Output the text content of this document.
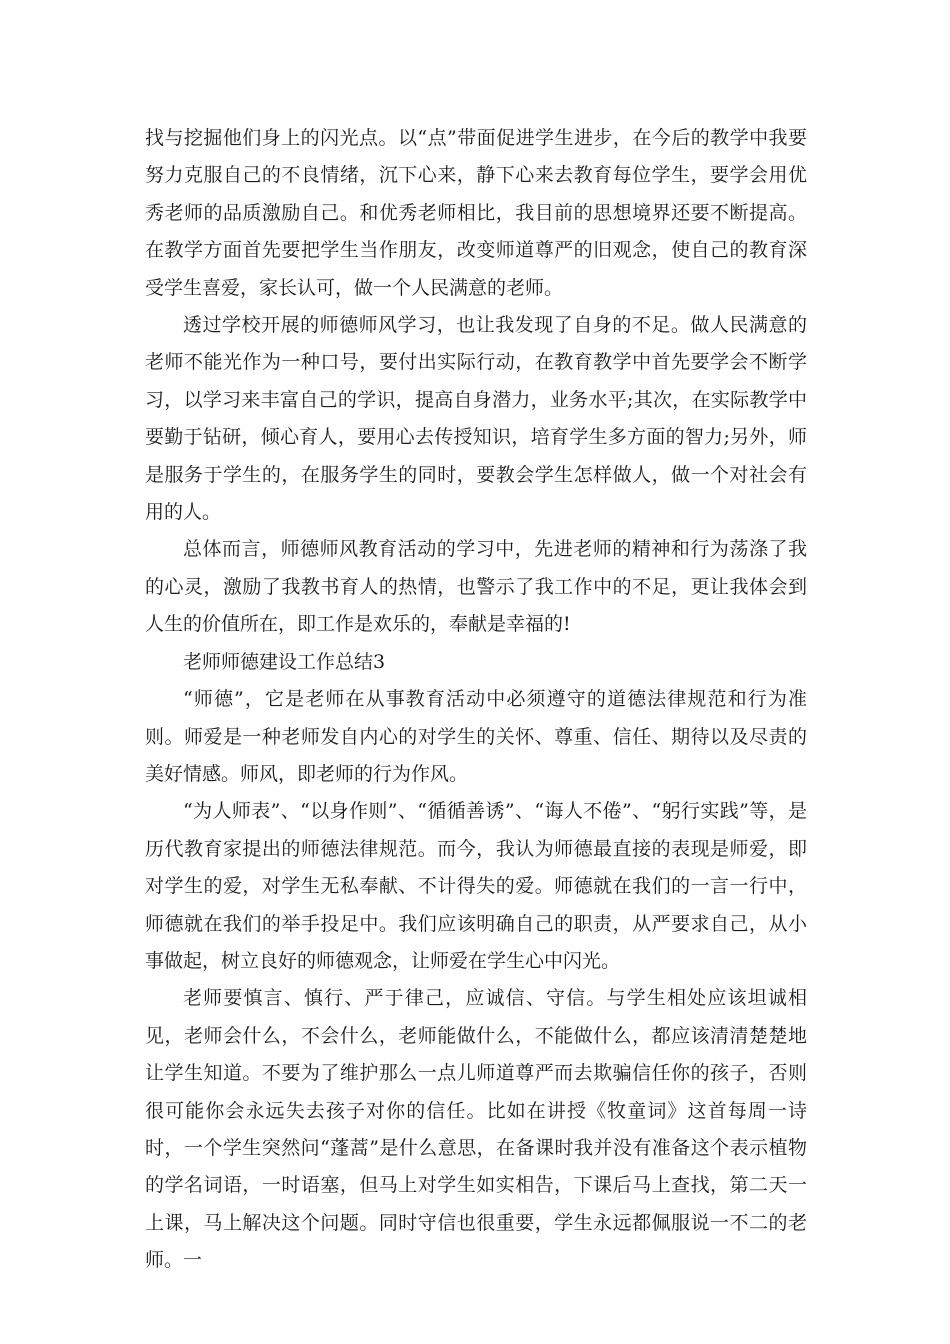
找与挖掘他们身上的闪光点。以“点”带面促进学生进步，在今后的教学中我要努力克服自己的不良情绪，沉下心来，静下心来去教育每位学生，要学会用优秀老师的品质激励自己。和优秀老师相比，我目前的思想境界还要不断提高。在教学方面首先要把学生当作朋友，改变师道尊严的旧观念，使自己的教育深受学生喜爱，家长认可，做一个人民满意的老师。

透过学校开展的师德师风学习，也让我发现了自身的不足。做人民满意的老师不能光作为一种口号，要付出实际行动，在教育教学中首先要学会不断学习，以学习来丰富自己的学识，提高自身潜力，业务水平;其次，在实际教学中要勤于钻研，倾心育人，要用心去传授知识，培育学生多方面的智力;另外，师是服务于学生的，在服务学生的同时，要教会学生怎样做人，做一个对社会有用的人。

总体而言，师德师风教育活动的学习中，先进老师的精神和行为荡涤了我的心灵，激励了我教书育人的热情，也警示了我工作中的不足，更让我体会到人生的价值所在，即工作是欢乐的，奉献是幸福的!

老师师德建设工作总结3

“师德”，它是老师在从事教育活动中必须遵守的道德法律规范和行为准则。师爱是一种老师发自内心的对学生的关怀、尊重、信任、期待以及尽责的美好情感。师风，即老师的行为作风。

“为人师表”、“以身作则”、“循循善诱”、“诲人不倦”、“躬行实践”等，是历代教育家提出的师德法律规范。而今，我认为师德最直接的表现是师爱，即对学生的爱，对学生无私奉献、不计得失的爱。师德就在我们的一言一行中，师德就在我们的举手投足中。我们应该明确自己的职责，从严要求自己，从小事做起，树立良好的师德观念，让师爱在学生心中闪光。

老师要慎言、慎行、严于律己，应诚信、守信。与学生相处应该坦诚相见，老师会什么，不会什么，老师能做什么，不能做什么，都应该清清楚楚地让学生知道。不要为了维护那么一点儿师道尊严而去欺骗信任你的孩子，否则很可能你会永远失去孩子对你的信任。比如在讲授《牧童词》这首每周一诗时，一个学生突然问“蓬蒿”是什么意思，在备课时我并没有准备这个表示植物的学名词语，一时语塞，但马上对学生如实相告，下课后马上查找，第二天一上课，马上解决这个问题。同时守信也很重要，学生永远都佩服说一不二的老师。一
